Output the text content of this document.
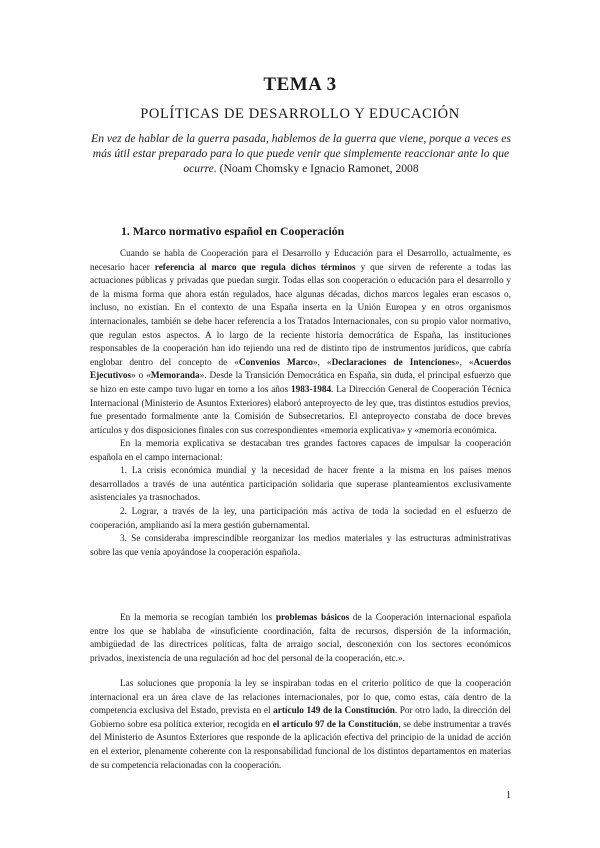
TEMA 3
POLÍTICAS DE DESARROLLO Y EDUCACIÓN
En vez de hablar de la guerra pasada, hablemos de la guerra que viene, porque a veces es más útil estar preparado para lo que puede venir que simplemente reaccionar ante lo que ocurre. (Noam Chomsky e Ignacio Ramonet, 2008
1. Marco normativo español en Cooperación

Cuando se habla de Cooperación para el Desarrollo y Educación para el Desarrollo, actualmente, es necesario hacer referencia al marco que regula dichos términos y que sirven de referente a todas las actuaciones públicas y privadas que puedan surgir. Todas ellas son cooperación o educación para el desarrollo y de la misma forma que ahora están regulados, hace algunas décadas, dichos marcos legales eran escasos o, incluso, no existían. En el contexto de una España inserta en la Unión Europea y en otros organismos internacionales, también se debe hacer referencia a los Tratados Internacionales, con su propio valor normativo, que regulan estos aspectos. A lo largo de la reciente historia democrática de España, las instituciones responsables de la cooperación han ido tejiendo una red de distinto tipo de instrumentos jurídicos, que cabría englobar dentro del concepto de «Convenios Marco», «Declaraciones de Intenciones», «Acuerdos Ejecutivos» o «Memoranda». Desde la Transición Democrática en España, sin duda, el principal esfuerzo que se hizo en este campo tuvo lugar en torno a los años 1983-1984. La Dirección General de Cooperación Técnica Internacional (Ministerio de Asuntos Exteriores) elaboró anteproyecto de ley que, tras distintos estudios previos, fue presentado formalmente ante la Comisión de Subsecretarios. El anteproyecto constaba de doce breves artículos y dos disposiciones finales con sus correspondientes «memoria explicativa» y «memoria económica.

En la memoria explicativa se destacaban tres grandes factores capaces de impulsar la cooperación española en el campo internacional:

1. La crisis económica mundial y la necesidad de hacer frente a la misma en los países menos desarrollados a través de una auténtica participación solidaria que superase planteamientos exclusivamente asistenciales ya trasnochados.

2. Lograr, a través de la ley, una participación más activa de toda la sociedad en el esfuerzo de cooperación, ampliando así la mera gestión gubernamental.

3. Se consideraba imprescindible reorganizar los medios materiales y las estructuras administrativas sobre las que venía apoyándose la cooperación española.

En la memoria se recogían también los problemas básicos de la Cooperación internacional española entre los que se hablaba de «insuficiente coordinación, falta de recursos, dispersión de la información, ambigüedad de las directrices políticas, falta de arraigo social, desconexión con los sectores económicos privados, inexistencia de una regulación ad hoc del personal de la cooperación, etc.».

Las soluciones que proponía la ley se inspiraban todas en el criterio político de que la cooperación internacional era un área clave de las relaciones internacionales, por lo que, como estas, caía dentro de la competencia exclusiva del Estado, prevista en el artículo 149 de la Constitución. Por otro lado, la dirección del Gobierno sobre esa política exterior, recogida en el artículo 97 de la Constitución, se debe instrumentar a través del Ministerio de Asuntos Exteriores que responde de la aplicación efectiva del principio de la unidad de acción en el exterior, plenamente coherente con la responsabilidad funcional de los distintos departamentos en materias de su competencia relacionadas con la cooperación.

1
